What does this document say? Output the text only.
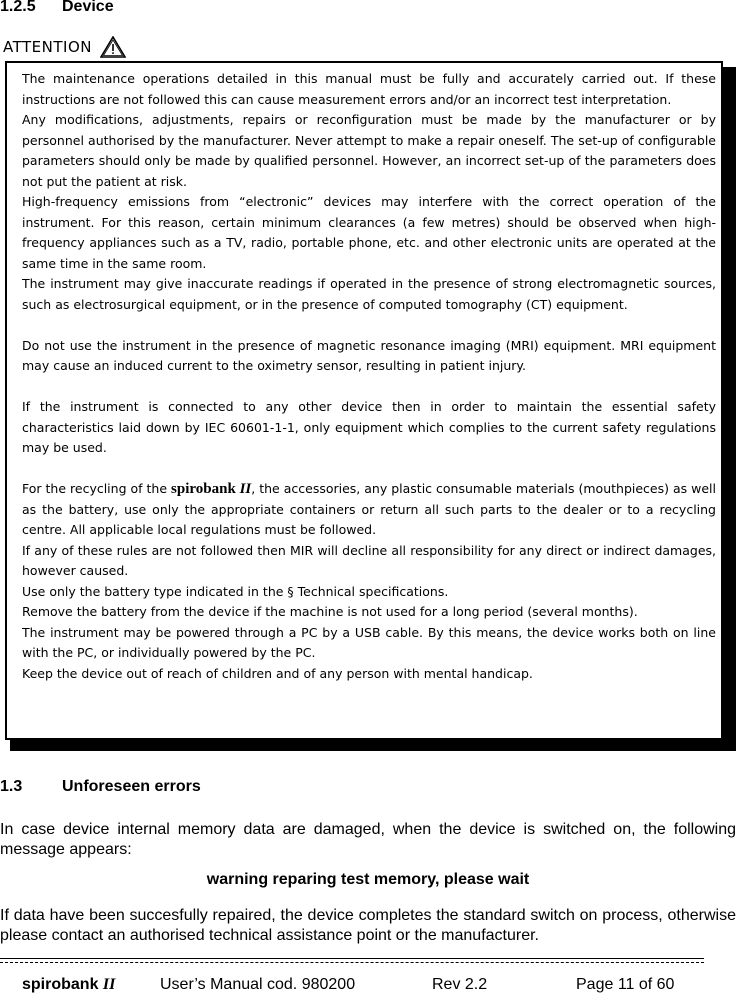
1.2.5 Device
ATTENTION

The maintenance operations detailed in this manual must be fully and accurately carried out. If these instructions are not followed this can cause measurement errors and/or an incorrect test interpretation.

Any modifications, adjustments, repairs or reconfiguration must be made by the manufacturer or by personnel authorised by the manufacturer. Never attempt to make a repair oneself. The set-up of configurable parameters should only be made by qualified personnel. However, an incorrect set-up of the parameters does not put the patient at risk.

High-frequency emissions from “electronic” devices may interfere with the correct operation of the instrument. For this reason, certain minimum clearances (a few metres) should be observed when high-frequency appliances such as a TV, radio, portable phone, etc. and other electronic units are operated at the same time in the same room.

The instrument may give inaccurate readings if operated in the presence of strong electromagnetic sources, such as electrosurgical equipment, or in the presence of computed tomography (CT) equipment.

Do not use the instrument in the presence of magnetic resonance imaging (MRI) equipment. MRI equipment may cause an induced current to the oximetry sensor, resulting in patient injury.

If the instrument is connected to any other device then in order to maintain the essential safety characteristics laid down by IEC 60601-1-1, only equipment which complies to the current safety regulations may be used.

For the recycling of the spirobank II, the accessories, any plastic consumable materials (mouthpieces) as well as the battery, use only the appropriate containers or return all such parts to the dealer or to a recycling centre. All applicable local regulations must be followed.

If any of these rules are not followed then MIR will decline all responsibility for any direct or indirect damages, however caused.

Use only the battery type indicated in the § Technical specifications.

Remove the battery from the device if the machine is not used for a long period (several months).

The instrument may be powered through a PC by a USB cable. By this means, the device works both on line with the PC, or individually powered by the PC.

Keep the device out of reach of children and of any person with mental handicap.

1.3 Unforeseen errors
In case device internal memory data are damaged, when the device is switched on, the following message appears:
warning reparing test memory, please wait
If data have been succesfully repaired, the device completes the standard switch on process, otherwise please contact an authorised technical assistance point or the manufacturer.
spirobank II	User’s Manual cod. 980200	Rev 2.2	Page 11 of 60
